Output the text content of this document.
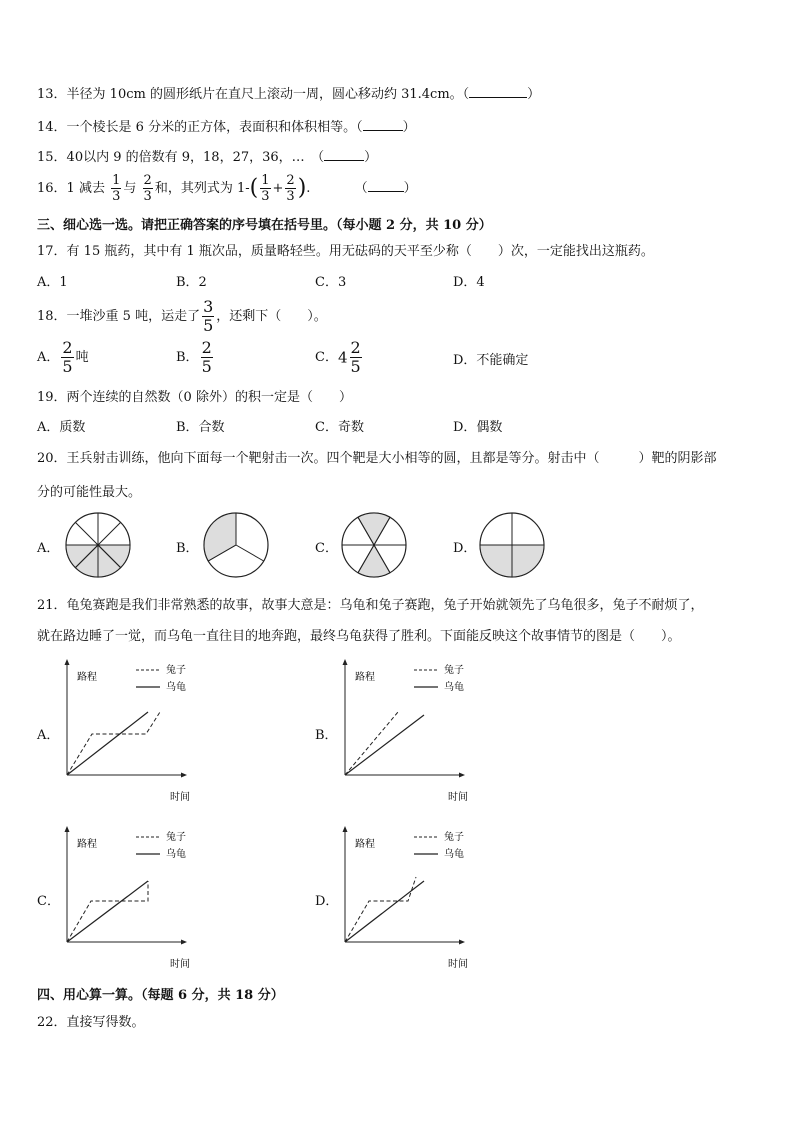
13．半径为 10cm 的圆形纸片在直尺上滚动一周，圆心移动约 31.4cm。（	）
14．一个棱长是 6 分米的正方体，表面积和体积相等。（	）
15．40以内 9 的倍数有 9，18，27，36，…　（	）
16．1 减去 $\frac{1}{3}$ 与 $\frac{2}{3}$ 和，其列式为 $1-( \frac{1}{3} + \frac{2}{3}$ ).	（	）
三、细心选一选。请把正确答案的序号填在括号里。（每小题 2 分，共 10 分）
17．有 15 瓶药，其中有 1 瓶次品，质量略轻些。用无砝码的天平至少称（　　）次，一定能找出这瓶药。
A．1	B．2	C．3	D．4
18．一堆沙重 5 吨，运走了 $\frac{3}{5}$ ，还剩下（　　）。
A． $\frac{2}{5}$ 吨	B． $\frac{2}{5}$	C．$4 \frac{2}{5}$	D．不能确定
19．两个连续的自然数（0 除外）的积一定是（　　）
A．质数	B．合数	C．奇数	D．偶数
20．王兵射击训练，他向下面每一个靶射击一次。四个靶是大小相等的圆，且都是等分。射击中（　　　）靶的阴影部
分的可能性最大。
A．	B．	C．	D．
21．龟兔赛跑是我们非常熟悉的故事，故事大意是：乌龟和兔子赛跑，兔子开始就领先了乌龟很多，兔子不耐烦了，
就在路边睡了一觉，而乌龟一直往目的地奔跑，最终乌龟获得了胜利。下面能反映这个故事情节的图是（　　）。
A．
路程
时间
兔子
乌龟
B．
路程
时间
兔子
乌龟
C．
路程
时间
兔子
乌龟
D．
路程
时间
兔子
乌龟
四、用心算一算。（每题 6 分，共 18 分）
22．直接写得数。
